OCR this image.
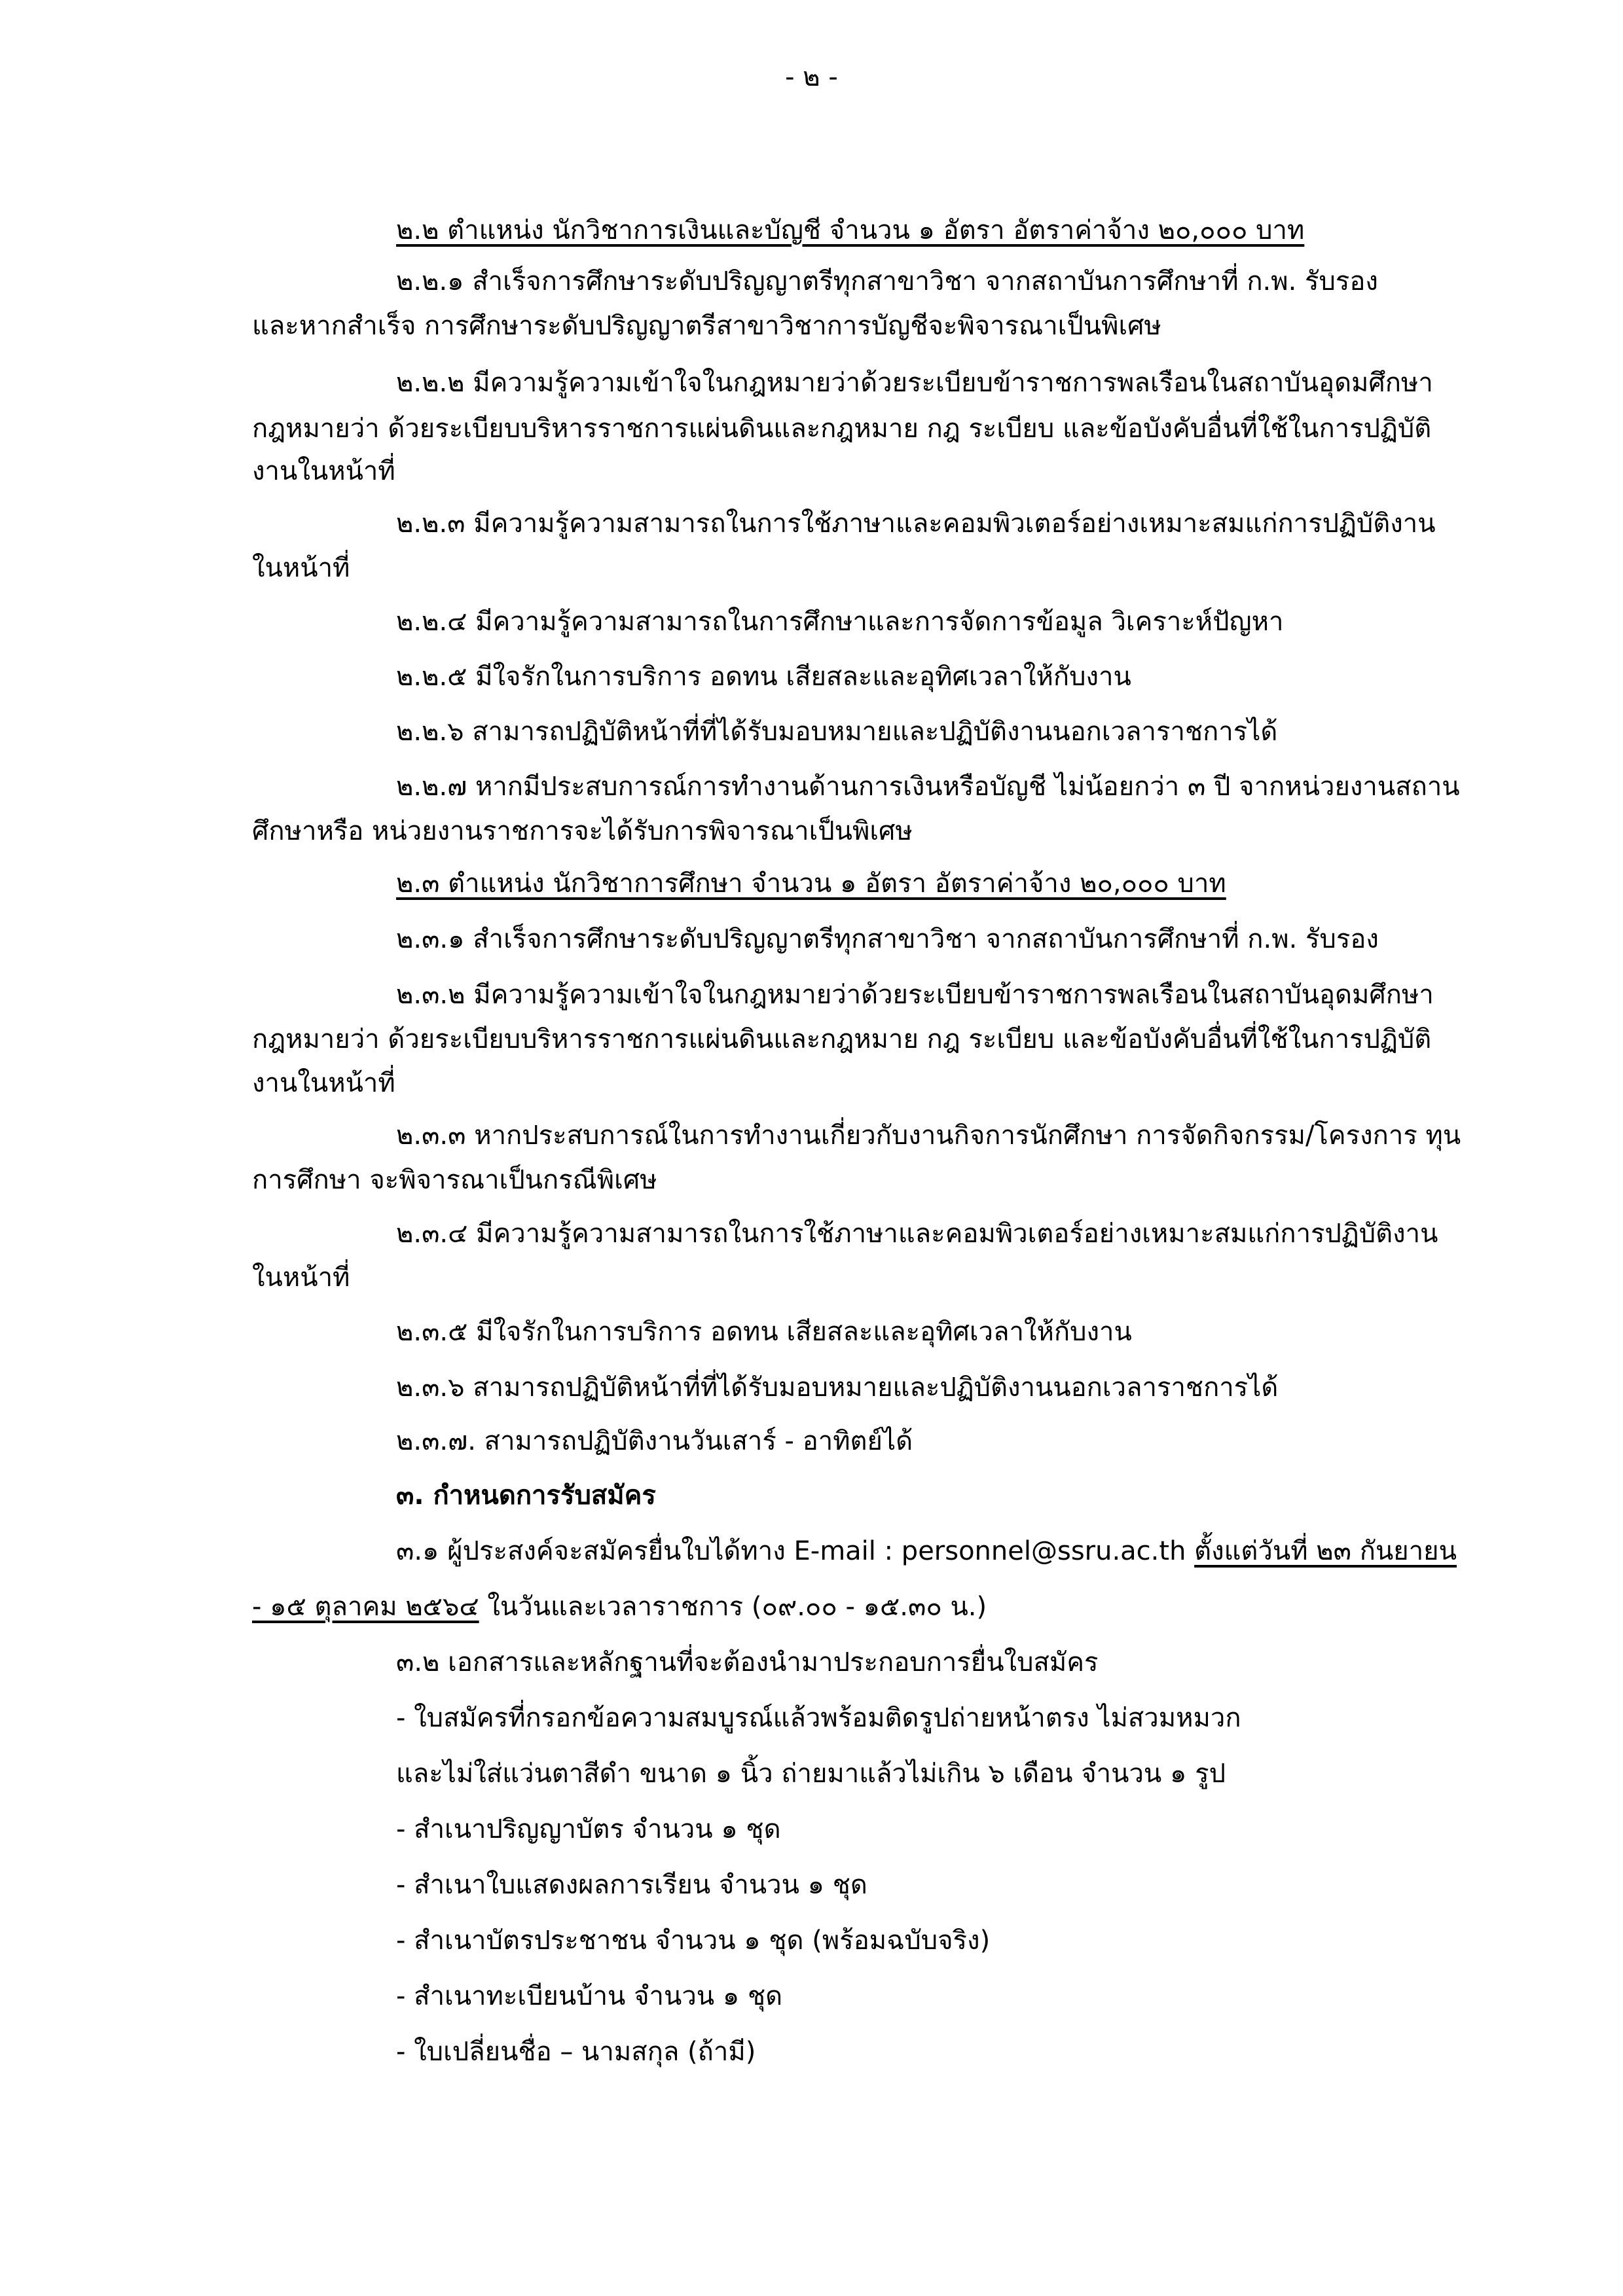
- ๒ -
๒.๒ ตำแหน่ง นักวิชาการเงินและบัญชี จำนวน ๑ อัตรา อัตราค่าจ้าง ๒๐,๐๐๐ บาท
๒.๒.๑ สำเร็จการศึกษาระดับปริญญาตรีทุกสาขาวิชา จากสถาบันการศึกษาที่ ก.พ. รับรอง
และหากสำเร็จ การศึกษาระดับปริญญาตรีสาขาวิชาการบัญชีจะพิจารณาเป็นพิเศษ
๒.๒.๒ มีความรู้ความเข้าใจในกฎหมายว่าด้วยระเบียบข้าราชการพลเรือนในสถาบันอุดมศึกษา
กฎหมายว่า ด้วยระเบียบบริหารราชการแผ่นดินและกฎหมาย กฎ ระเบียบ และข้อบังคับอื่นที่ใช้ในการปฏิบัติ
งานในหน้าที่
๒.๒.๓ มีความรู้ความสามารถในการใช้ภาษาและคอมพิวเตอร์อย่างเหมาะสมแก่การปฏิบัติงาน
ในหน้าที่
๒.๒.๔ มีความรู้ความสามารถในการศึกษาและการจัดการข้อมูล วิเคราะห์ปัญหา
๒.๒.๕ มีใจรักในการบริการ อดทน เสียสละและอุทิศเวลาให้กับงาน
๒.๒.๖ สามารถปฏิบัติหน้าที่ที่ได้รับมอบหมายและปฏิบัติงานนอกเวลาราชการได้
๒.๒.๗ หากมีประสบการณ์การทำงานด้านการเงินหรือบัญชี ไม่น้อยกว่า ๓ ปี จากหน่วยงานสถาน
ศึกษาหรือ หน่วยงานราชการจะได้รับการพิจารณาเป็นพิเศษ
๒.๓ ตำแหน่ง นักวิชาการศึกษา จำนวน ๑ อัตรา อัตราค่าจ้าง ๒๐,๐๐๐ บาท
๒.๓.๑ สำเร็จการศึกษาระดับปริญญาตรีทุกสาขาวิชา จากสถาบันการศึกษาที่ ก.พ. รับรอง
๒.๓.๒ มีความรู้ความเข้าใจในกฎหมายว่าด้วยระเบียบข้าราชการพลเรือนในสถาบันอุดมศึกษา
กฎหมายว่า ด้วยระเบียบบริหารราชการแผ่นดินและกฎหมาย กฎ ระเบียบ และข้อบังคับอื่นที่ใช้ในการปฏิบัติ
งานในหน้าที่
๒.๓.๓ หากประสบการณ์ในการทำงานเกี่ยวกับงานกิจการนักศึกษา การจัดกิจกรรม/โครงการ ทุน
การศึกษา จะพิจารณาเป็นกรณีพิเศษ
๒.๓.๔ มีความรู้ความสามารถในการใช้ภาษาและคอมพิวเตอร์อย่างเหมาะสมแก่การปฏิบัติงาน
ในหน้าที่
๒.๓.๕ มีใจรักในการบริการ อดทน เสียสละและอุทิศเวลาให้กับงาน
๒.๓.๖ สามารถปฏิบัติหน้าที่ที่ได้รับมอบหมายและปฏิบัติงานนอกเวลาราชการได้
๒.๓.๗. สามารถปฏิบัติงานวันเสาร์ - อาทิตย์ได้
๓. กำหนดการรับสมัคร
๓.๑ ผู้ประสงค์จะสมัครยื่นใบได้ทาง E-mail : personnel@ssru.ac.th ตั้งแต่วันที่ ๒๓ กันยายน
- ๑๕ ตุลาคม ๒๕๖๔ ในวันและเวลาราชการ (๐๙.๐๐ - ๑๕.๓๐ น.)
๓.๒ เอกสารและหลักฐานที่จะต้องนำมาประกอบการยื่นใบสมัคร
- ใบสมัครที่กรอกข้อความสมบูรณ์แล้วพร้อมติดรูปถ่ายหน้าตรง ไม่สวมหมวก
และไม่ใส่แว่นตาสีดำ ขนาด ๑ นิ้ว ถ่ายมาแล้วไม่เกิน ๖ เดือน จำนวน ๑ รูป
- สำเนาปริญญาบัตร จำนวน ๑ ชุด
- สำเนาใบแสดงผลการเรียน จำนวน ๑ ชุด
- สำเนาบัตรประชาชน จำนวน ๑ ชุด (พร้อมฉบับจริง)
- สำเนาทะเบียนบ้าน จำนวน ๑ ชุด
- ใบเปลี่ยนชื่อ – นามสกุล (ถ้ามี)
